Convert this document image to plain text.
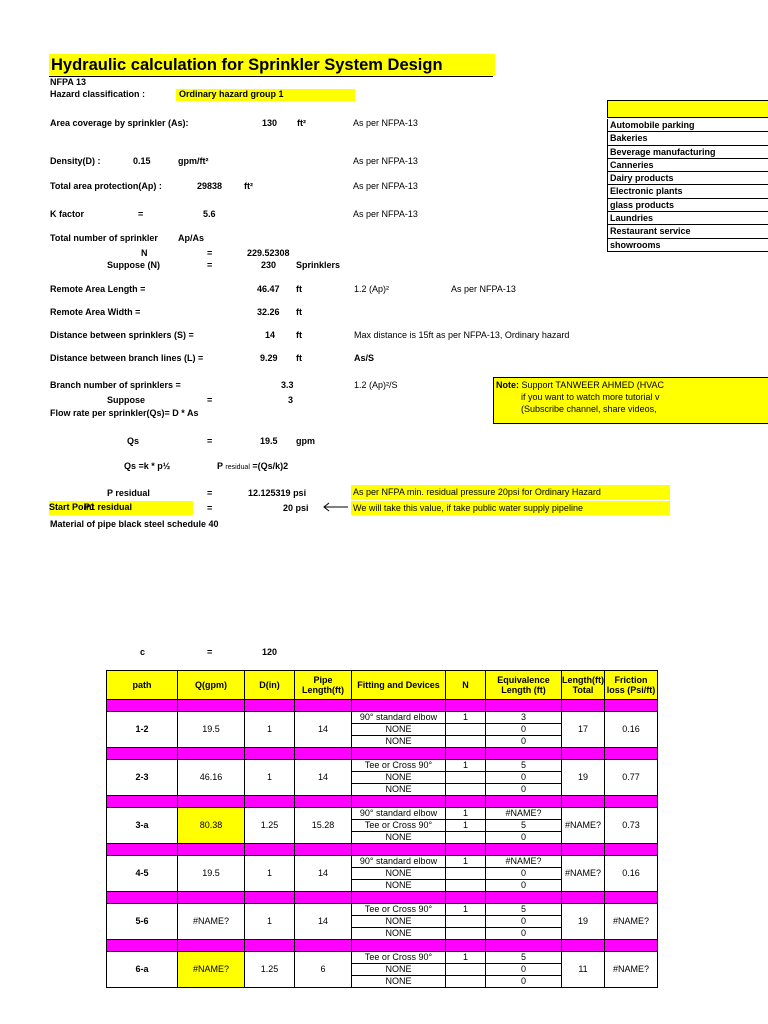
Hydraulic calculation for Sprinkler System Design
NFPA 13
Hazard classification :	Ordinary hazard group 1
Area coverage by sprinkler (As):	130 ft²	As per NFPA-13
Density(D) :	0.15	gpm/ft²	As per NFPA-13
Total area protection(Ap) :	29838 ft²	As per NFPA-13
K factor	=	5.6	As per NFPA-13
Total number of sprinkler Ap/As
N	=	229.52308
Suppose (N)	=	230 Sprinklers
Remote Area Length =	46.47 ft	1.2 (Ap)²	As per NFPA-13
Remote Area Width =	32.26 ft
Distance between sprinklers (S) =	14 ft	Max distance is 15ft as per NFPA-13, Ordinary hazard
Distance between branch lines (L) =	9.29 ft	As/S
Branch number of sprinklers =	3.3	1.2 (Ap)²/S
Suppose	=	3
Flow rate per sprinkler(Qs)= D * As
Qs	=	19.5 gpm
Qs =k * p½	P residual =(Qs/k)2
P residual	=	12.125319 psi	As per NFPA min. residual pressure 20psi for Ordinary Hazard
Start Point
P1 residual	=	20 psi	We will take this value, if take public water supply pipeline
Material of pipe black steel schedule 40
c	=	120
Automobile parking
Bakeries
Beverage manufacturing
Canneries
Dairy products
Electronic plants
glass products
Laundries
Restaurant service
showrooms
Note: Support TANWEER AHMED (HVAC
if you want to watch more tutorial v
(Subscribe channel, share videos,
path	Q(gpm)	D(in)	Pipe Length(ft)	Fitting and Devices	N	Equivalence Length (ft)	Length(ft) Total	Friction loss (Psi/ft)

1-2	19.5	1	14	90° standard elbow	1	3	17	0.16
				NONE		0		
				NONE		0		

2-3	46.16	1	14	Tee or Cross 90°	1	5	19	0.77
				NONE		0		
				NONE		0		

3-a	80.38	1.25	15.28	90° standard elbow	1	#NAME?	#NAME?	0.73
				Tee or Cross 90°	1	5		
				NONE		0		

4-5	19.5	1	14	90° standard elbow	1	#NAME?	#NAME?	0.16
				NONE		0		
				NONE		0		

5-6	#NAME?	1	14	Tee or Cross 90°	1	5	19	#NAME?
				NONE		0		
				NONE		0		

6-a	#NAME?	1.25	6	Tee or Cross 90°	1	5	11	#NAME?
				NONE		0		
				NONE		0		
